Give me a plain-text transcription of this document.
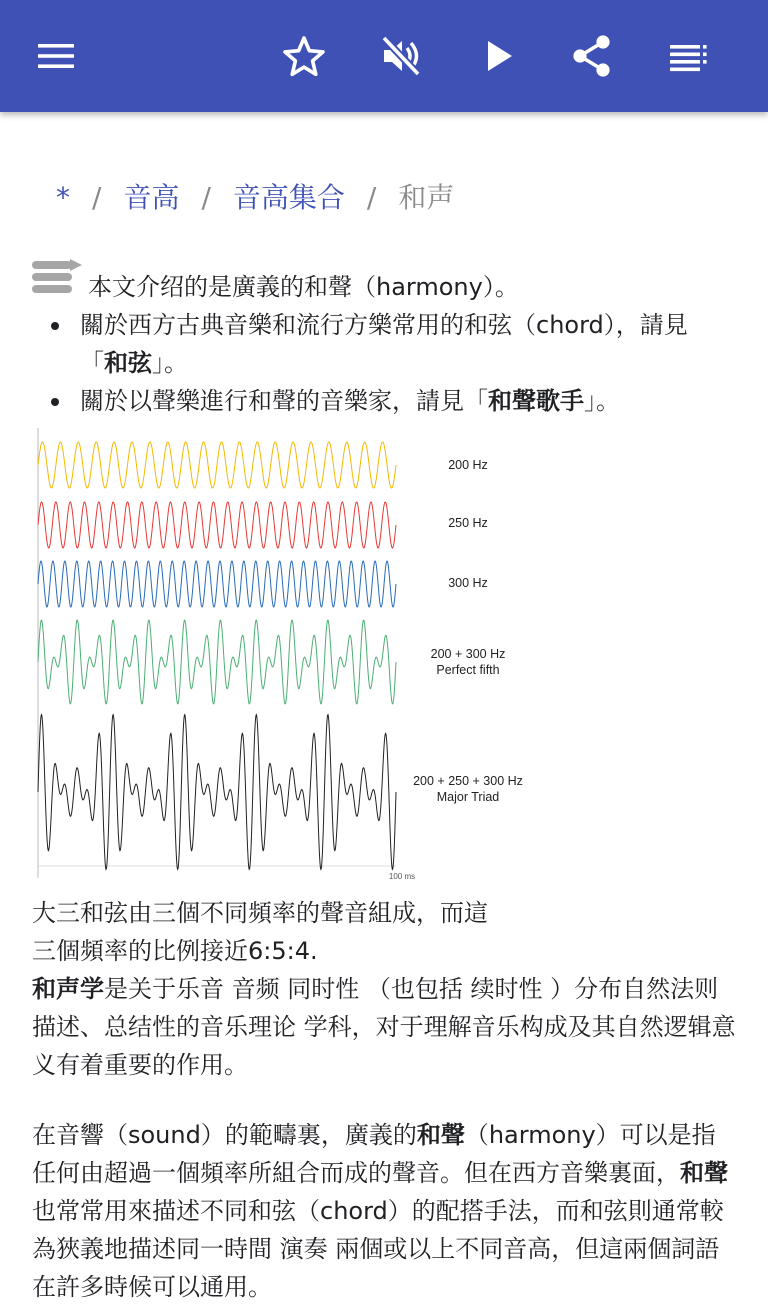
* / 音高 / 音高集合 / 和声
本文介绍的是廣義的和聲（harmony）。
關於西方古典音樂和流行方樂常用的和弦（chord），請見「和弦」。
關於以聲樂進行和聲的音樂家，請見「和聲歌手」。
200 Hz
250 Hz
300 Hz
200 + 300 Hz
Perfect fifth
200 + 250 + 300 Hz
Major Triad
100 ms
大三和弦由三個不同頻率的聲音組成，而這
三個頻率的比例接近6:5:4.

和声学是关于乐音 音频 同时性 （也包括 续时性 ）分布自然法则描述、总结性的音乐理论 学科，对于理解音乐构成及其自然逻辑意义有着重要的作用。

在音響（sound）的範疇裏，廣義的和聲（harmony）可以是指任何由超過一個頻率所組合而成的聲音。但在西方音樂裏面，和聲也常常用來描述不同和弦（chord）的配搭手法，而和弦則通常較為狹義地描述同一時間 演奏 兩個或以上不同音高，但這兩個詞語在許多時候可以通用。
